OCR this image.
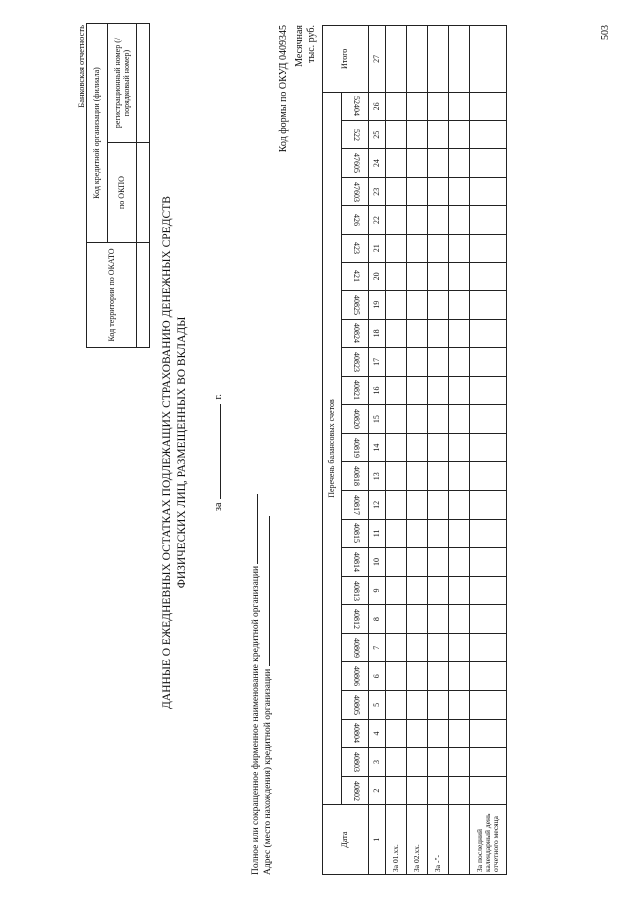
Банковская отчетность
Код территории по ОКАТО	Код кредитной организации (филиала)	
	по ОКПО	регистрационный номер (/порядковый номер)

ДАННЫЕ О ЕЖЕДНЕВНЫХ ОСТАТКАХ ПОДЛЕЖАЩИХ СТРАХОВАНИЮ ДЕНЕЖНЫХ СРЕДСТВ ФИЗИЧЕСКИХ ЛИЦ, РАЗМЕЩЕННЫХ ВО ВКЛАДЫ	заг.
Полное или сокращенное фирменное наименование кредитной организации Адрес (место нахождения) кредитной организации
Код формы по ОКУД 0409345 Месячная тыс. руб.
Дата	Перечень балансовых счетов																									Итого
	40802	40803	40804	40805	40806	40809	40812	40813	40814	40815	40817	40818	40819	40820	40821	40823	40824	40825	421	423	426	47603	47605	522	52404	
1	2	3	4	5	6	7	8	9	10	11	12	13	14	15	16	17	18	19	20	21	22	23	24	25	26	27
За 01.хх.																										
За 02.хх.																										
За -"-																										

За последний календарный день отчетного месяца																										
503
